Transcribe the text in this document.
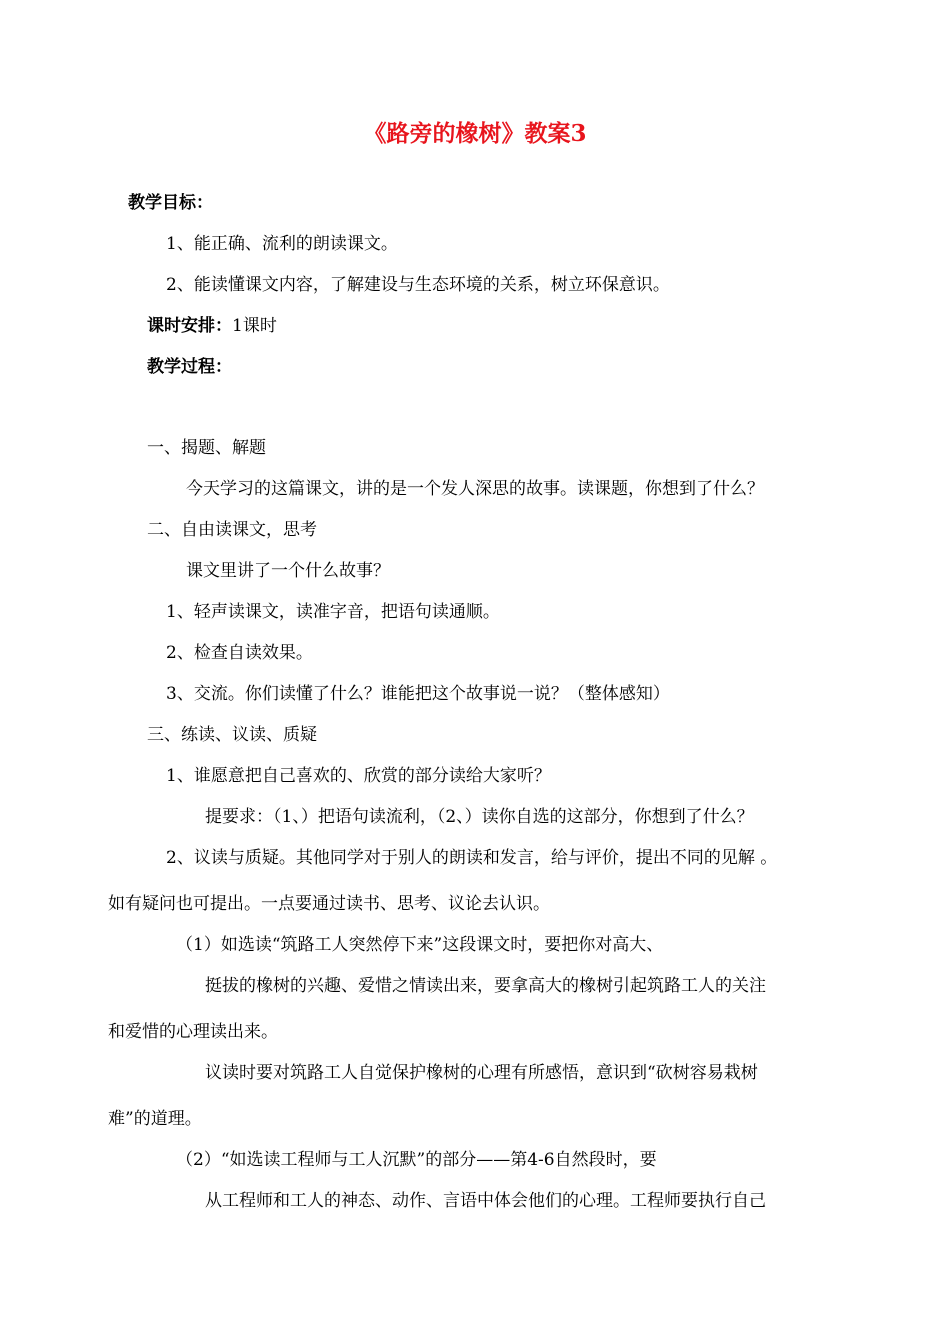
《路旁的橡树》教案3
教学目标：
1、能正确、流利的朗读课文。
2、能读懂课文内容，了解建设与生态环境的关系，树立环保意识。
课时安排：1课时
教学过程：
一、揭题、解题
今天学习的这篇课文，讲的是一个发人深思的故事。读课题，你想到了什么？
二、自由读课文，思考
课文里讲了一个什么故事？
1、轻声读课文，读准字音，把语句读通顺。
2、检查自读效果。
3、交流。你们读懂了什么？谁能把这个故事说一说？（整体感知）
三、练读、议读、质疑
1、谁愿意把自己喜欢的、欣赏的部分读给大家听？
提要求：（1、）把语句读流利，（2、）读你自选的这部分，你想到了什么？
2、议读与质疑。其他同学对于别人的朗读和发言，给与评价，提出不同的见解 。
如有疑问也可提出。一点要通过读书、思考、议论去认识。
（1）如选读“筑路工人突然停下来”这段课文时，要把你对高大、
挺拔的橡树的兴趣、爱惜之情读出来，要拿高大的橡树引起筑路工人的关注
和爱惜的心理读出来。
议读时要对筑路工人自觉保护橡树的心理有所感悟，意识到“砍树容易栽树
难”的道理。
（2）“如选读工程师与工人沉默”的部分——第4-6自然段时，要
从工程师和工人的神态、动作、言语中体会他们的心理。工程师要执行自己
